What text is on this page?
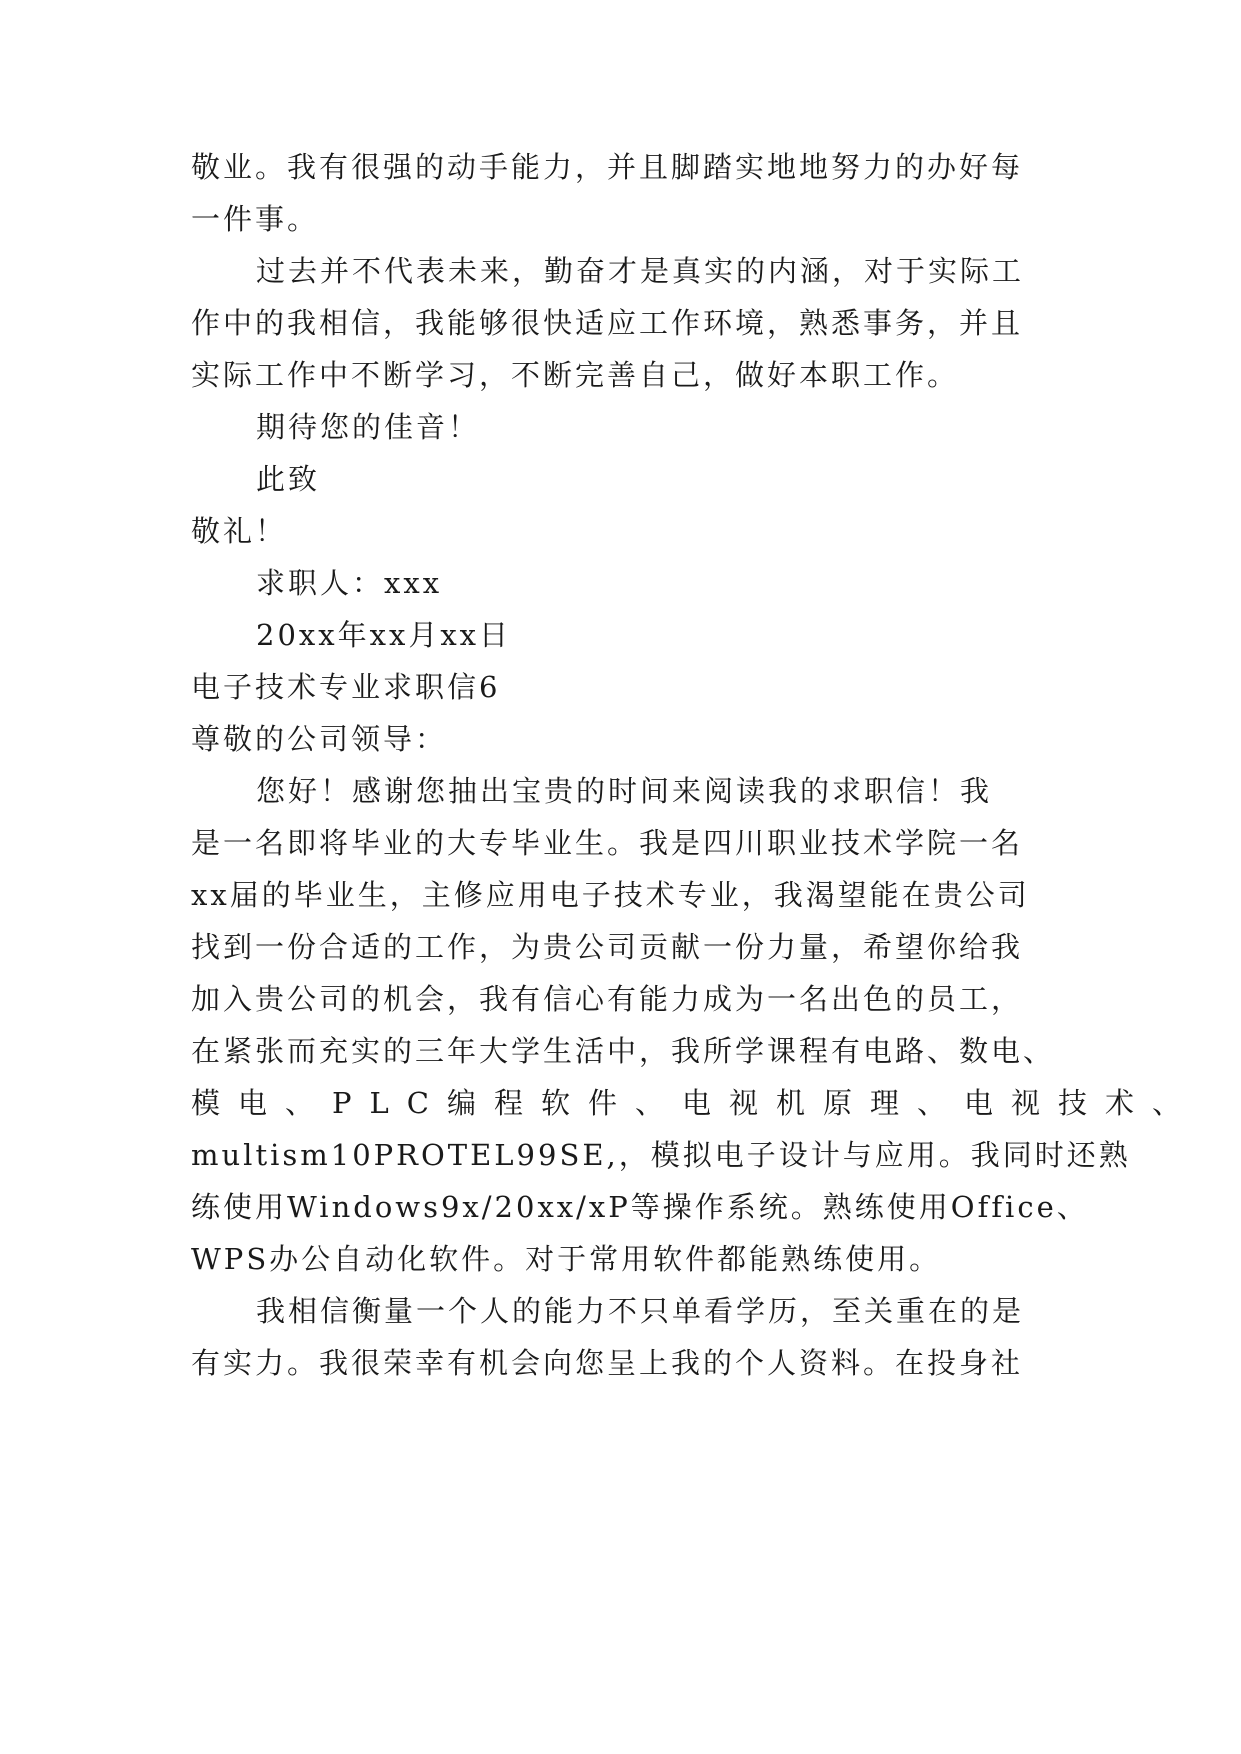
敬业。我有很强的动手能力，并且脚踏实地地努力的办好每
一件事。
过去并不代表未来，勤奋才是真实的内涵，对于实际工
作中的我相信，我能够很快适应工作环境，熟悉事务，并且
实际工作中不断学习，不断完善自己，做好本职工作。
期待您的佳音！
此致
敬礼！
求职人：xxx
20xx年xx月xx日
电子技术专业求职信6
尊敬的公司领导：
您好！感谢您抽出宝贵的时间来阅读我的求职信！我
是一名即将毕业的大专毕业生。我是四川职业技术学院一名
xx届的毕业生，主修应用电子技术专业，我渴望能在贵公司
找到一份合适的工作，为贵公司贡献一份力量，希望你给我
加入贵公司的机会，我有信心有能力成为一名出色的员工，
在紧张而充实的三年大学生活中，我所学课程有电路、数电、
模电、PLC编程软件、电视机原理、电视技术、
multism10PROTEL99SE,，模拟电子设计与应用。我同时还熟
练使用Windows9x/20xx/xP等操作系统。熟练使用Office、
WPS办公自动化软件。对于常用软件都能熟练使用。
我相信衡量一个人的能力不只单看学历，至关重在的是
有实力。我很荣幸有机会向您呈上我的个人资料。在投身社
